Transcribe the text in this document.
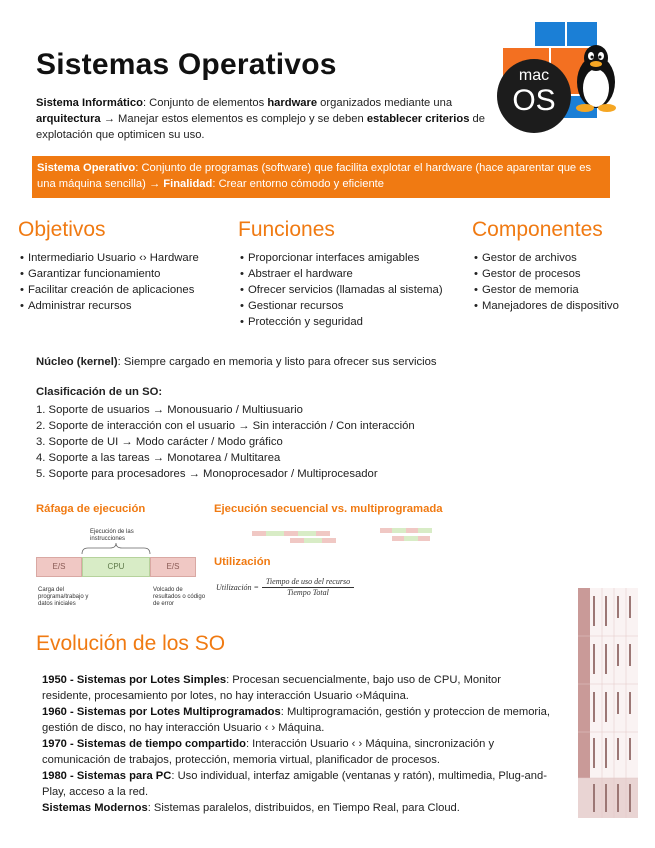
Sistemas Operativos
Sistema Informático: Conjunto de elementos hardware organizados mediante una arquitectura → Manejar estos elementos es complejo y se deben establecer criterios de explotación que optimicen su uso.
mac
OS
Sistema Operativo: Conjunto de programas (software) que facilita explotar el hardware (hace aparentar que es una máquina sencilla) → Finalidad: Crear entorno cómodo y eficiente
Objetivos
• Intermediario Usuario ‹› Hardware
• Garantizar funcionamiento
• Facilitar creación de aplicaciones
• Administrar recursos
Funciones
• Proporcionar interfaces amigables
• Abstraer el hardware
• Ofrecer servicios (llamadas al sistema)
• Gestionar recursos
• Protección y seguridad
Componentes
• Gestor de archivos
• Gestor de procesos
• Gestor de memoria
• Manejadores de dispositivo
Núcleo (kernel): Siempre cargado en memoria y listo para ofrecer sus servicios
Clasificación de un SO:
1. Soporte de usuarios → Monousuario / Multiusuario
2. Soporte de interacción con el usuario → Sin interacción / Con interacción
3. Soporte de UI → Modo carácter / Modo gráfico
4. Soporte a las tareas → Monotarea / Multitarea
5. Soporte para procesadores → Monoprocesador / Multiprocesador
Ráfaga de ejecución
Ejecución de las instrucciones
E/S	CPU	E/S
Carga del programa/trabajo y datos iniciales
Volcado de resultados o código de error
Ejecución secuencial vs. multiprogramada
Utilización
Utilización =
Tiempo de uso del recurso
Tiempo Total
Evolución de los SO
1950 - Sistemas por Lotes Simples: Procesan secuencialmente, bajo uso de CPU, Monitor residente, procesamiento por lotes, no hay interacción Usuario ‹›Máquina.
1960 - Sistemas por Lotes Multiprogramados: Multiprogramación, gestión y proteccion de memoria, gestión de disco, no hay interacción Usuario ‹ › Máquina.
1970 - Sistemas de tiempo compartido: Interacción Usuario ‹ › Máquina, sincronización y comunicación de trabajos, protección, memoria virtual, planificador de procesos.
1980 - Sistemas para PC: Uso individual, interfaz amigable (ventanas y ratón), multimedia, Plug-and-Play, acceso a la red.
Sistemas Modernos: Sistemas paralelos, distribuidos, en Tiempo Real, para Cloud.
